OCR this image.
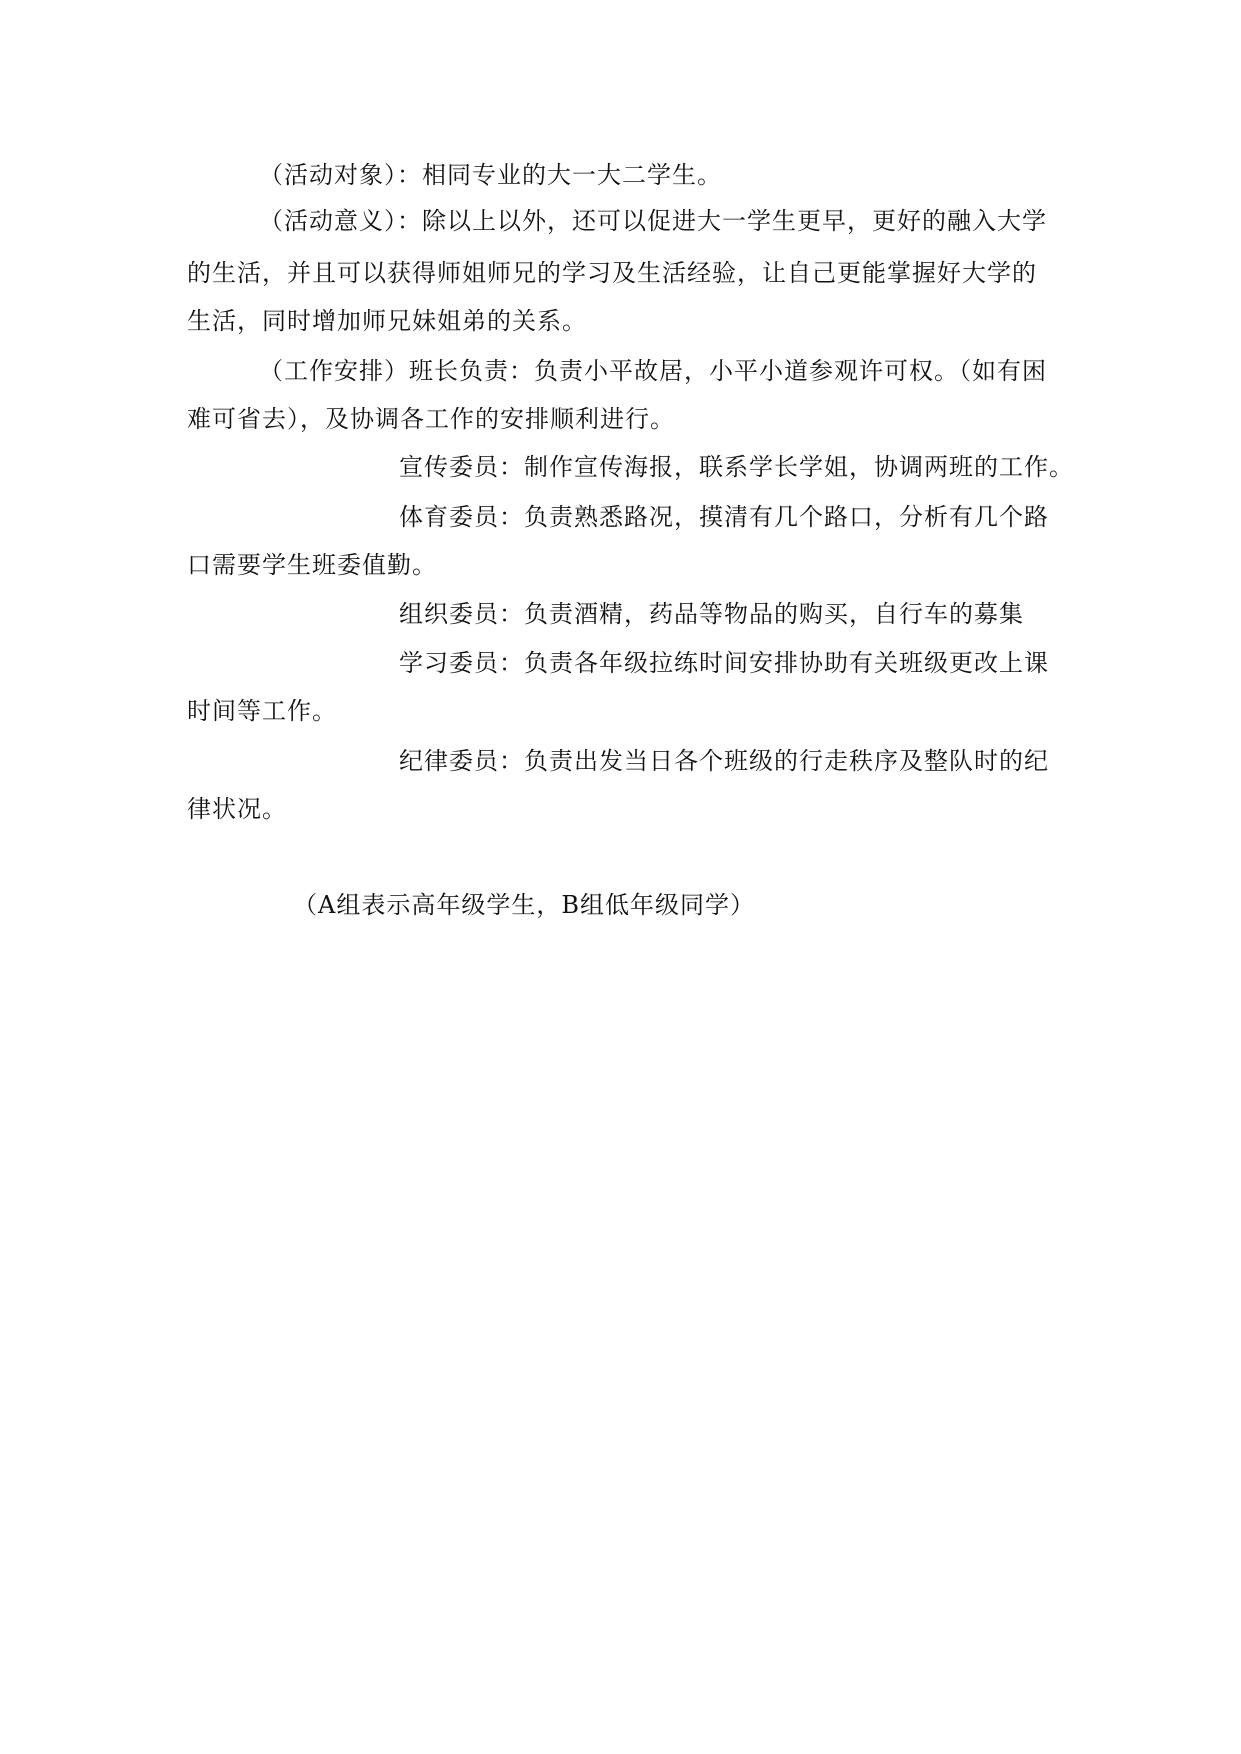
（活动对象）：相同专业的大一大二学生。
（活动意义）：除以上以外，还可以促进大一学生更早，更好的融入大学
的生活，并且可以获得师姐师兄的学习及生活经验，让自己更能掌握好大学的
生活，同时增加师兄妹姐弟的关系。
（工作安排）班长负责：负责小平故居，小平小道参观许可权。（如有困
难可省去），及协调各工作的安排顺利进行。
宣传委员：制作宣传海报，联系学长学姐，协调两班的工作。
体育委员：负责熟悉路况，摸清有几个路口，分析有几个路
口需要学生班委值勤。
组织委员：负责酒精，药品等物品的购买，自行车的募集
学习委员：负责各年级拉练时间安排协助有关班级更改上课
时间等工作。
纪律委员：负责出发当日各个班级的行走秩序及整队时的纪
律状况。
（A组表示高年级学生，B组低年级同学）
